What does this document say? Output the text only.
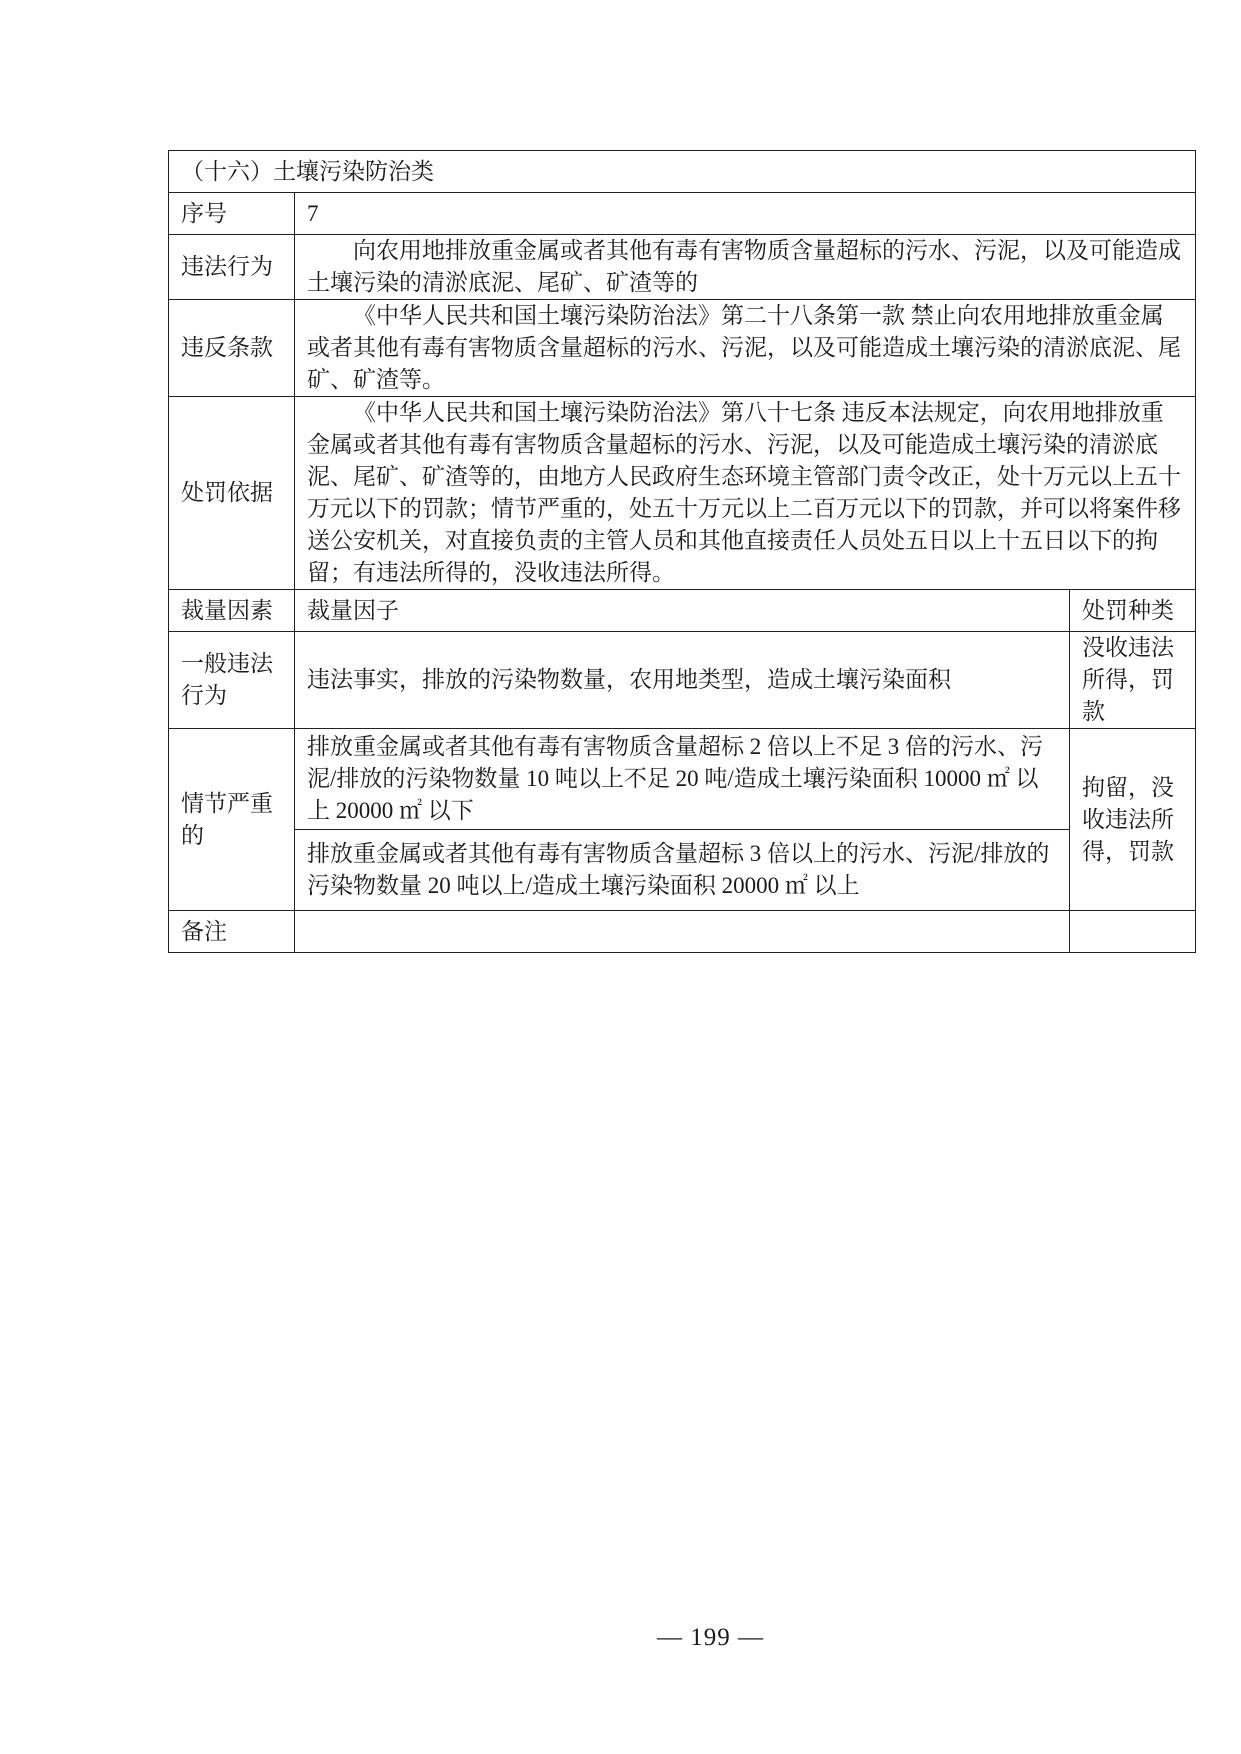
（十六）土壤污染防治类		
序号	7	
违法行为	向农用地排放重金属或者其他有毒有害物质含量超标的污水、污泥，以及可能造成土壤污染的清淤底泥、尾矿、矿渣等的	
违反条款	《中华人民共和国土壤污染防治法》第二十八条第一款 禁止向农用地排放重金属或者其他有毒有害物质含量超标的污水、污泥，以及可能造成土壤污染的清淤底泥、尾矿、矿渣等。	
处罚依据	《中华人民共和国土壤污染防治法》第八十七条 违反本法规定，向农用地排放重金属或者其他有毒有害物质含量超标的污水、污泥，以及可能造成土壤污染的清淤底泥、尾矿、矿渣等的，由地方人民政府生态环境主管部门责令改正，处十万元以上五十万元以下的罚款；情节严重的，处五十万元以上二百万元以下的罚款，并可以将案件移送公安机关，对直接负责的主管人员和其他直接责任人员处五日以上十五日以下的拘留；有违法所得的，没收违法所得。	
裁量因素	裁量因子	处罚种类
一般违法行为	违法事实，排放的污染物数量，农用地类型，造成土壤污染面积	没收违法所得，罚款
情节严重的	排放重金属或者其他有毒有害物质含量超标 2 倍以上不足 3 倍的污水、污泥/排放的污染物数量 10 吨以上不足 20 吨/造成土壤污染面积 10000 ㎡ 以上 20000 ㎡ 以下	拘留，没收违法所得，罚款
	排放重金属或者其他有毒有害物质含量超标 3 倍以上的污水、污泥/排放的污染物数量 20 吨以上/造成土壤污染面积 20000 ㎡ 以上	
备注		
— 199 —
